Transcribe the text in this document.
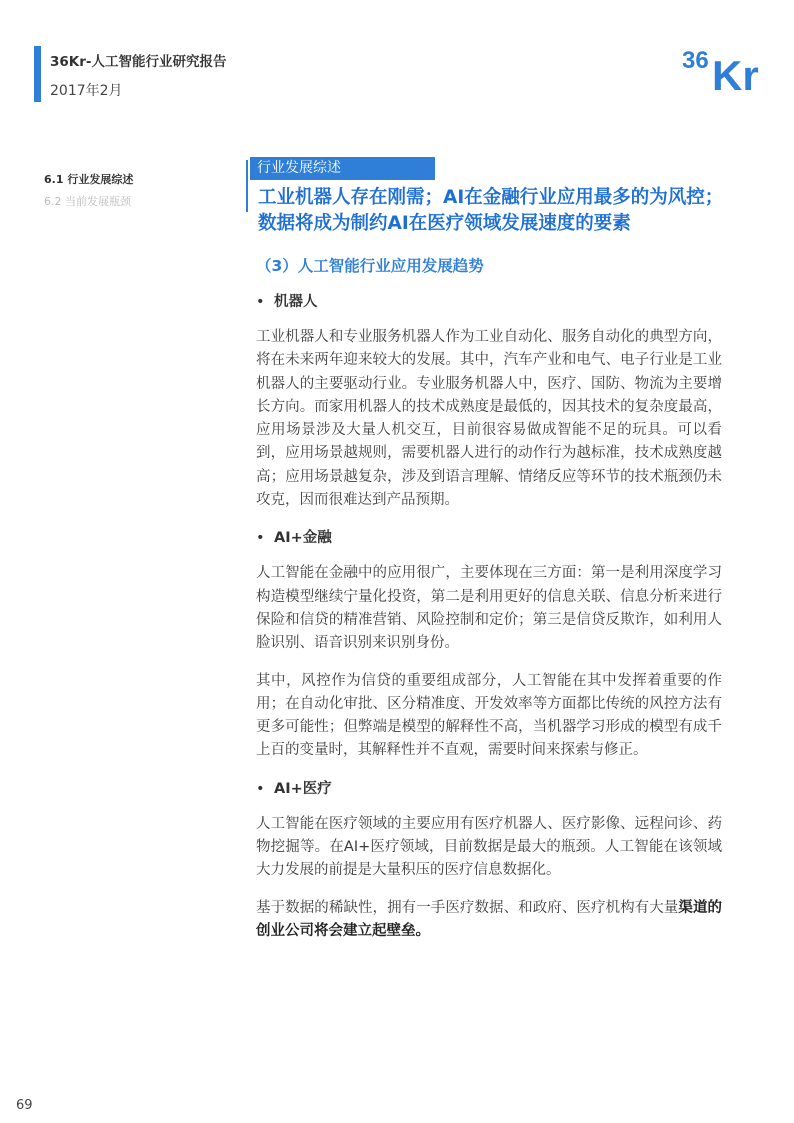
36Kr-人工智能行业研究报告
2017年2月
36 Kr
6.1 行业发展综述
6.2 当前发展瓶颈
行业发展综述
工业机器人存在刚需；AI在金融行业应用最多的为风控；
数据将成为制约AI在医疗领域发展速度的要素
（3）人工智能行业应用发展趋势
• 机器人

工业机器人和专业服务机器人作为工业自动化、服务自动化的典型方向，将在未来两年迎来较大的发展。其中，汽车产业和电气、电子行业是工业机器人的主要驱动行业。专业服务机器人中，医疗、国防、物流为主要增长方向。而家用机器人的技术成熟度是最低的，因其技术的复杂度最高，应用场景涉及大量人机交互，目前很容易做成智能不足的玩具。可以看到，应用场景越规则，需要机器人进行的动作行为越标准，技术成熟度越高；应用场景越复杂，涉及到语言理解、情绪反应等环节的技术瓶颈仍未攻克，因而很难达到产品预期。

• AI+金融

人工智能在金融中的应用很广，主要体现在三方面：第一是利用深度学习构造模型继续宁量化投资，第二是利用更好的信息关联、信息分析来进行保险和信贷的精准营销、风险控制和定价；第三是信贷反欺诈，如利用人脸识别、语音识别来识别身份。

其中，风控作为信贷的重要组成部分，人工智能在其中发挥着重要的作用；在自动化审批、区分精准度、开发效率等方面都比传统的风控方法有更多可能性；但弊端是模型的解释性不高，当机器学习形成的模型有成千上百的变量时，其解释性并不直观，需要时间来探索与修正。

• AI+医疗

人工智能在医疗领域的主要应用有医疗机器人、医疗影像、远程问诊、药物挖掘等。在AI+医疗领域，目前数据是最大的瓶颈。人工智能在该领域大力发展的前提是大量积压的医疗信息数据化。

基于数据的稀缺性，拥有一手医疗数据、和政府、医疗机构有大量渠道的创业公司将会建立起壁垒。

69
